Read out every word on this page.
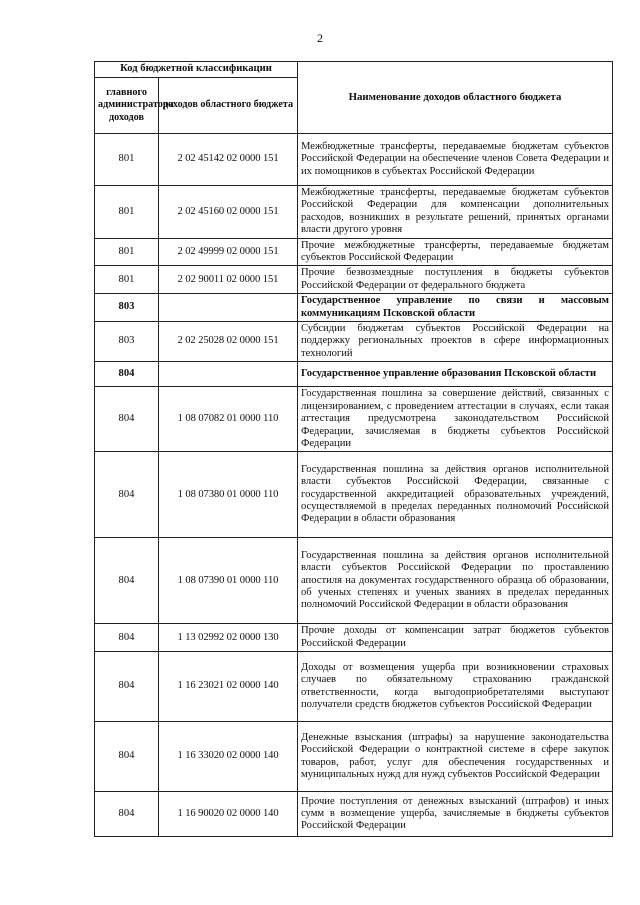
2
Код бюджетной классификации		Наименование доходов областного бюджета
главного администратора доходов	доходов областного бюджета	
801	2 02 45142 02 0000 151	Межбюджетные трансферты, передаваемые бюджетам субъектов Российской Федерации на обеспечение членов Совета Федерации и их помощников в субъектах Российской Федерации
801	2 02 45160 02 0000 151	Межбюджетные трансферты, передаваемые бюджетам субъектов Российской Федерации для компенсации дополнительных расходов, возникших в результате решений, принятых органами власти другого уровня
801	2 02 49999 02 0000 151	Прочие межбюджетные трансферты, передаваемые бюджетам субъектов Российской Федерации
801	2 02 90011 02 0000 151	Прочие безвозмездные поступления в бюджеты субъектов Российской Федерации от федерального бюджета
803		Государственное управление по связи и массовым коммуникациям Псковской области
803	2 02 25028 02 0000 151	Субсидии бюджетам субъектов Российской Федерации на поддержку региональных проектов в сфере информационных технологий
804		Государственное управление образования Псковской области
804	1 08 07082 01 0000 110	Государственная пошлина за совершение действий, связанных с лицензированием, с проведением аттестации в случаях, если такая аттестация предусмотрена законодательством Российской Федерации, зачисляемая в бюджеты субъектов Российской Федерации
804	1 08 07380 01 0000 110	Государственная пошлина за действия органов исполнительной власти субъектов Российской Федерации, связанные с государственной аккредитацией образовательных учреждений, осуществляемой в пределах переданных полномочий Российской Федерации в области образования
804	1 08 07390 01 0000 110	Государственная пошлина за действия органов исполнительной власти субъектов Российской Федерации по проставлению апостиля на документах государственного образца об образовании, об ученых степенях и ученых званиях в пределах переданных полномочий Российской Федерации в области образования
804	1 13 02992 02 0000 130	Прочие доходы от компенсации затрат бюджетов субъектов Российской Федерации
804	1 16 23021 02 0000 140	Доходы от возмещения ущерба при возникновении страховых случаев по обязательному страхованию гражданской ответственности, когда выгодоприобретателями выступают получатели средств бюджетов субъектов Российской Федерации
804	1 16 33020 02 0000 140	Денежные взыскания (штрафы) за нарушение законодательства Российской Федерации о контрактной системе в сфере закупок товаров, работ, услуг для обеспечения государственных и муниципальных нужд для нужд субъектов Российской Федерации
804	1 16 90020 02 0000 140	Прочие поступления от денежных взысканий (штрафов) и иных сумм в возмещение ущерба, зачисляемые в бюджеты субъектов Российской Федерации
